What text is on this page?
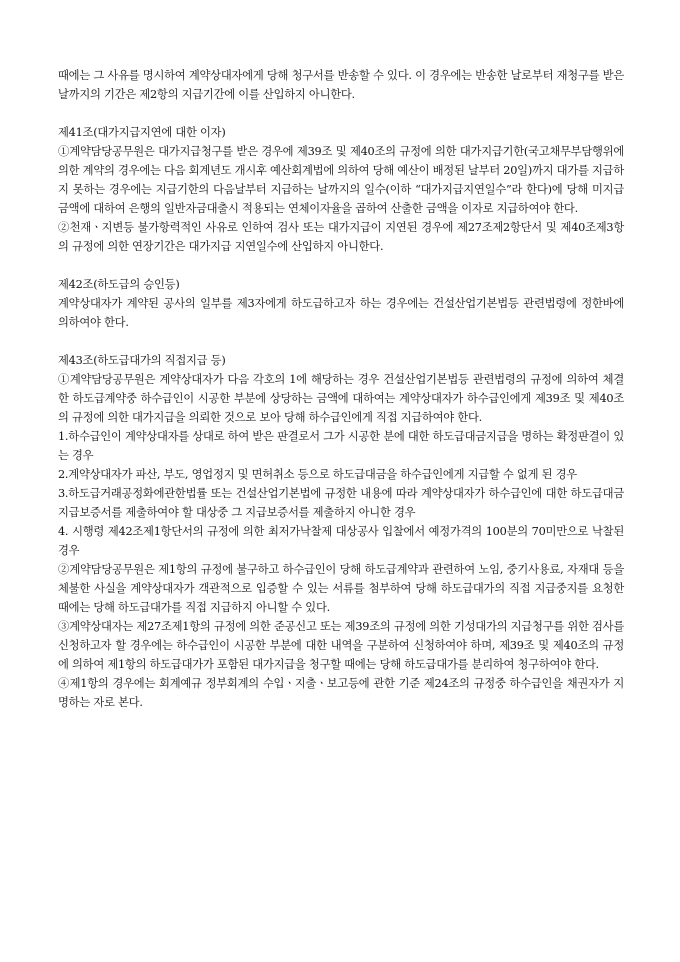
때에는 그 사유를 명시하여 계약상대자에게 당해 청구서를 반송할 수 있다. 이 경우에는 반송한 날로부터 재청구를 받은 날까지의 기간은 제2항의 지급기간에 이를 산입하지 아니한다.

제41조(대가지급지연에 대한 이자)

①계약담당공무원은 대가지급청구를 받은 경우에 제39조 및 제40조의 규정에 의한 대가지급기한(국고채무부담행위에 의한 계약의 경우에는 다음 회계년도 개시후 예산회계법에 의하여 당해 예산이 배정된 날부터 20일)까지 대가를 지급하지 못하는 경우에는 지급기한의 다음날부터 지급하는 날까지의 일수(이하 “대가지급지연일수”라 한다)에 당해 미지급금액에 대하여 은행의 일반자금대출시 적용되는 연체이자율을 곱하여 산출한 금액을 이자로 지급하여야 한다.

②천재ㆍ지변등 불가항력적인 사유로 인하여 검사 또는 대가지급이 지연된 경우에 제27조제2항단서 및 제40조제3항의 규정에 의한 연장기간은 대가지급 지연일수에 산입하지 아니한다.

제42조(하도급의 승인등)

계약상대자가 계약된 공사의 일부를 제3자에게 하도급하고자 하는 경우에는 건설산업기본법등 관련법령에 정한바에 의하여야 한다.

제43조(하도급대가의 직접지급 등)

①계약담당공무원은 계약상대자가 다음 각호의 1에 해당하는 경우 건설산업기본법등 관련법령의 규정에 의하여 체결한 하도급계약중 하수급인이 시공한 부분에 상당하는 금액에 대하여는 계약상대자가 하수급인에게 제39조 및 제40조의 규정에 의한 대가지급을 의뢰한 것으로 보아 당해 하수급인에게 직접 지급하여야 한다.

1.하수급인이 계약상대자를 상대로 하여 받은 판결로서 그가 시공한 분에 대한 하도급대금지급을 명하는 확정판결이 있는 경우

2.계약상대자가 파산, 부도, 영업정지 및 면허취소 등으로 하도급대금을 하수급인에게 지급할 수 없게 된 경우

3.하도급거래공정화에관한법률 또는 건설산업기본법에 규정한 내용에 따라 계약상대자가 하수급인에 대한 하도급대금 지급보증서를 제출하여야 할 대상중 그 지급보증서를 제출하지 아니한 경우

4. 시행령 제42조제1항단서의 규정에 의한 최저가낙찰제 대상공사 입찰에서 예정가격의 100분의 70미만으로 낙찰된 경우

②계약담당공무원은 제1항의 규정에 불구하고 하수급인이 당해 하도급계약과 관련하여 노임, 중기사용료, 자재대 등을 체불한 사실을 계약상대자가 객관적으로 입증할 수 있는 서류를 첨부하여 당해 하도급대가의 직접 지급중지를 요청한 때에는 당해 하도급대가를 직접 지급하지 아니할 수 있다.

③계약상대자는 제27조제1항의 규정에 의한 준공신고 또는 제39조의 규정에 의한 기성대가의 지급청구를 위한 검사를 신청하고자 할 경우에는 하수급인이 시공한 부분에 대한 내역을 구분하여 신청하여야 하며, 제39조 및 제40조의 규정에 의하여 제1항의 하도급대가가 포함된 대가지급을 청구할 때에는 당해 하도급대가를 분리하여 청구하여야 한다.

④제1항의 경우에는 회계예규 정부회계의 수입ㆍ지출ㆍ보고등에 관한 기준 제24조의 규정중 하수급인을 채권자가 지명하는 자로 본다.
